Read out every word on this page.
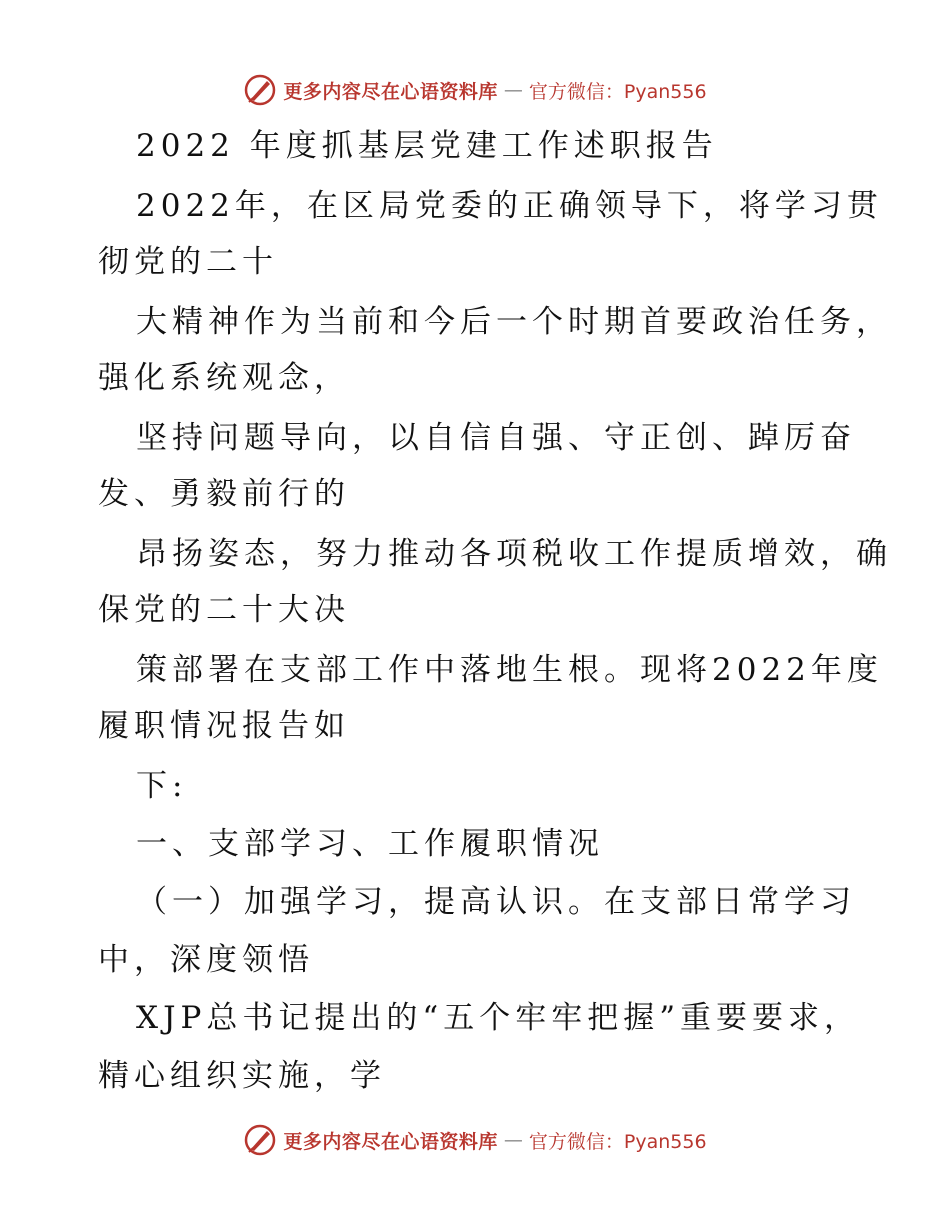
更多内容尽在心语资料库 — 官方微信：Pyan556
2022 年度抓基层党建工作述职报告
2022年，在区局党委的正确领导下，将学习贯
彻党的二十
大精神作为当前和今后一个时期首要政治任务，
强化系统观念，
坚持问题导向，以自信自强、守正创、踔厉奋
发、勇毅前行的
昂扬姿态，努力推动各项税收工作提质增效，确
保党的二十大决
策部署在支部工作中落地生根。现将2022年度
履职情况报告如
下:
一、支部学习、工作履职情况
（一）加强学习，提高认识。在支部日常学习
中，深度领悟
XJP总书记提出的“五个牢牢把握”重要要求，
精心组织实施，学
更多内容尽在心语资料库 — 官方微信：Pyan556
